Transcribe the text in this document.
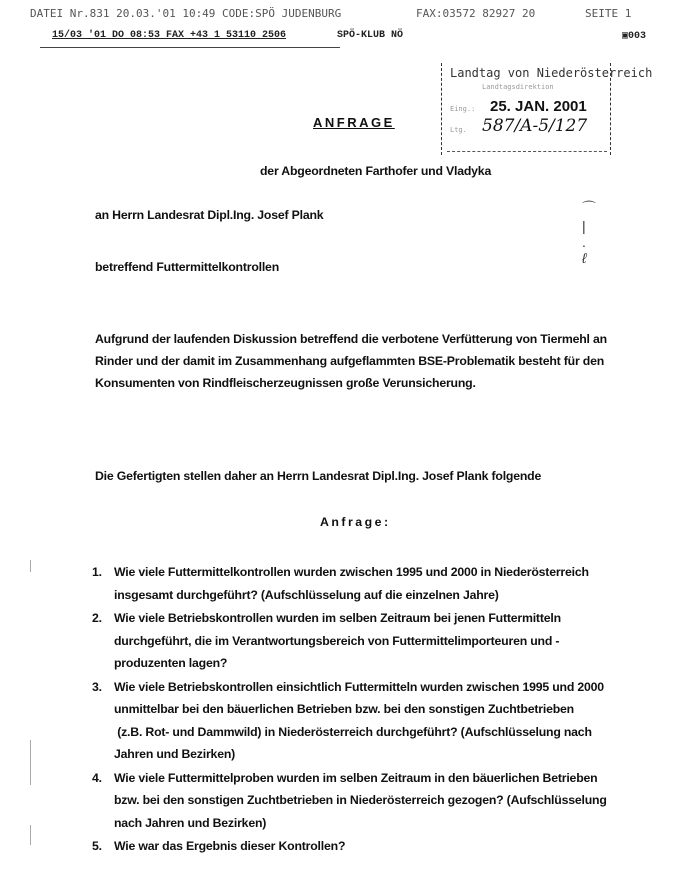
DATEI Nr.831 20.03.'01 10:49 CODE:SPÖ JUDENBURG	FAX:03572 82927 20	SEITE 1
15/03 '01 DO 08:53 FAX +43 1 53110 2506	SPÖ-KLUB NÖ	▣003
Landtag von Niederösterreich
Landtagsdirektion
Eing.: 25. JAN. 2001
Ltg. 587/A-5/127
ANFRAGE
der Abgeordneten Farthofer und Vladyka
an Herrn Landesrat Dipl.Ing. Josef Plank
betreffend Futtermittelkontrollen
Aufgrund der laufenden Diskussion betreffend die verbotene Verfütterung von Tiermehl an
Rinder und der damit im Zusammenhang aufgeflammten BSE-Problematik besteht für den
Konsumenten von Rindfleischerzeugnissen große Verunsicherung.
Die Gefertigten stellen daher an Herrn Landesrat Dipl.Ing. Josef Plank folgende
Anfrage:
1. Wie viele Futtermittelkontrollen wurden zwischen 1995 und 2000 in Niederösterreich
insgesamt durchgeführt? (Aufschlüsselung auf die einzelnen Jahre)
2. Wie viele Betriebskontrollen wurden im selben Zeitraum bei jenen Futtermitteln
durchgeführt, die im Verantwortungsbereich von Futtermittelimporteuren und -
produzenten lagen?
3. Wie viele Betriebskontrollen einsichtlich Futtermitteln wurden zwischen 1995 und 2000
unmittelbar bei den bäuerlichen Betrieben bzw. bei den sonstigen Zuchtbetrieben
(z.B. Rot- und Dammwild) in Niederösterreich durchgeführt? (Aufschlüsselung nach
Jahren und Bezirken)
4. Wie viele Futtermittelproben wurden im selben Zeitraum in den bäuerlichen Betrieben
bzw. bei den sonstigen Zuchtbetrieben in Niederösterreich gezogen? (Aufschlüsselung
nach Jahren und Bezirken)
5. Wie war das Ergebnis dieser Kontrollen?
⌒
|
.
ℓ
